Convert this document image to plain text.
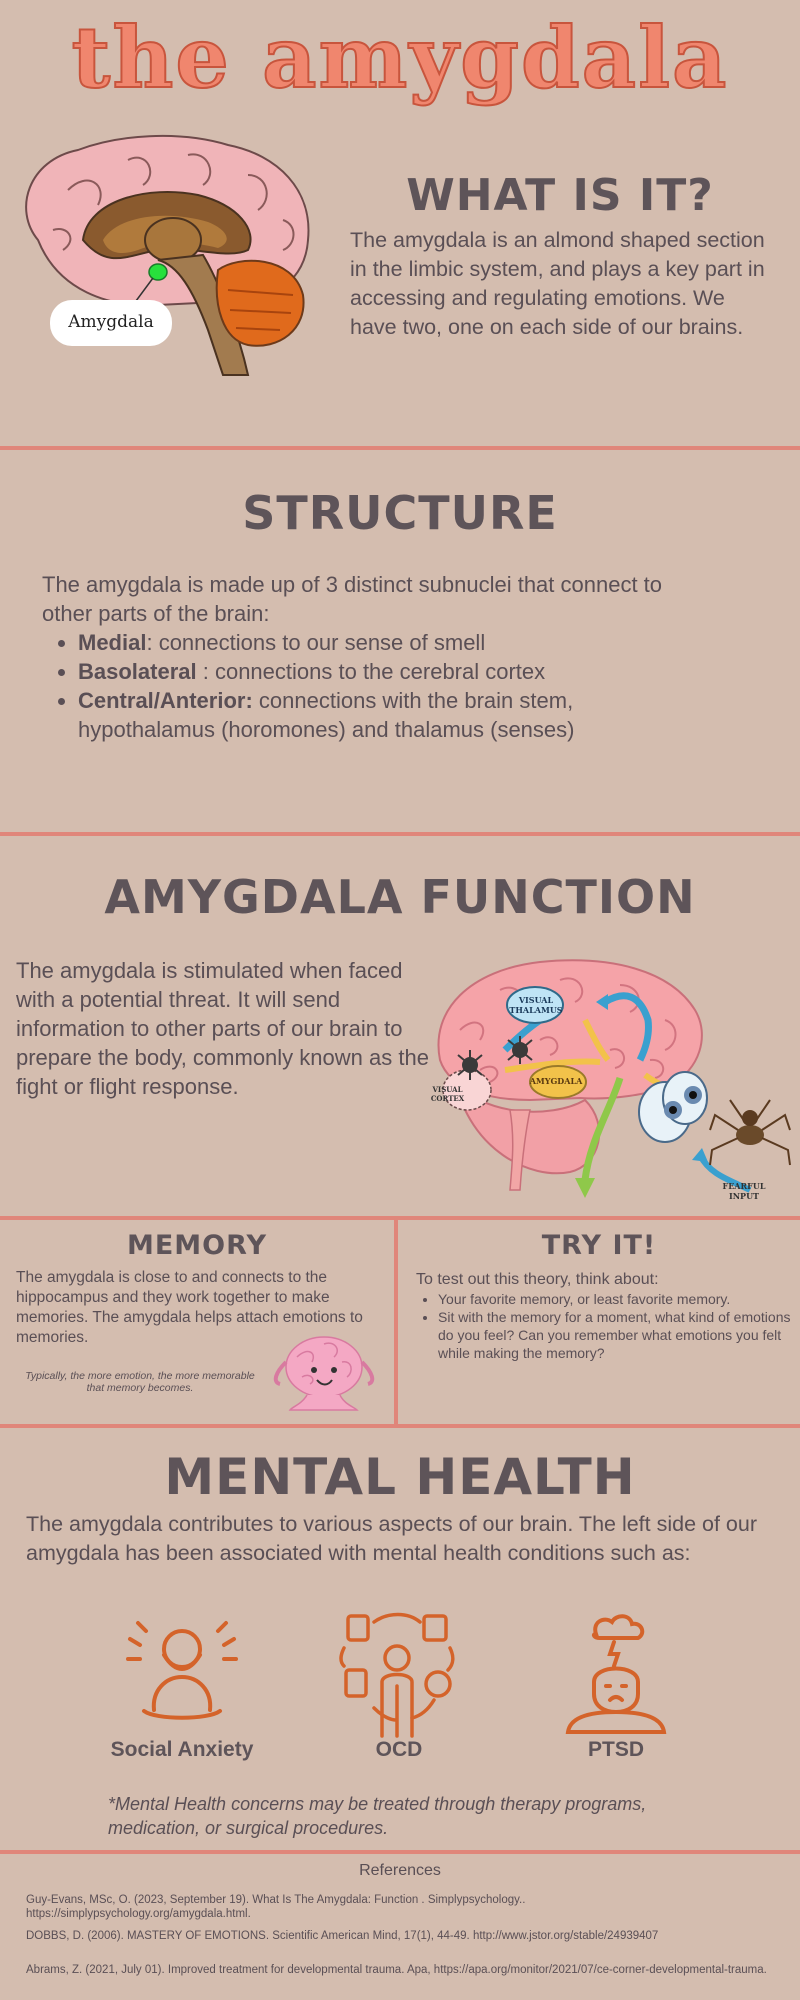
the amygdala
Amygdala
WHAT IS IT?
The amygdala is an almond shaped section in the limbic system, and plays a key part in accessing and regulating emotions. We have two, one on each side of our brains.
STRUCTURE
The amygdala is made up of 3 distinct subnuclei that connect to other parts of the brain:
• Medial: connections to our sense of smell
• Basolateral : connections to the cerebral cortex
• Central/Anterior: connections with the brain stem, hypothalamus (horomones) and thalamus (senses)
AMYGDALA FUNCTION
The amygdala is stimulated when faced with a potential threat. It will send information to other parts of our brain to prepare the body, commonly known as the fight or flight response.
VISUAL
THALAMUS
VISUAL
CORTEX
AMYGDALA
FEARFUL
INPUT
MEMORY
The amygdala is close to and connects to the hippocampus and they work together to make memories. The amygdala helps attach emotions to memories.
Typically, the more emotion, the more memorable that memory becomes.
TRY IT!
To test out this theory, think about:
• Your favorite memory, or least favorite memory.
• Sit with the memory for a moment, what kind of emotions do you feel? Can you remember what emotions you felt while making the memory?
MENTAL HEALTH
The amygdala contributes to various aspects of our brain. The left side of our amygdala has been associated with mental health conditions such as:
Social Anxiety	OCD	PTSD
*Mental Health concerns may be treated through therapy programs, medication, or surgical procedures.
References
Guy-Evans, MSc, O. (2023, September 19). What Is The Amygdala: Function . Simplypsychology.. https://simplypsychology.org/amygdala.html.
DOBBS, D. (2006). MASTERY OF EMOTIONS. Scientific American Mind, 17(1), 44-49. http://www.jstor.org/stable/24939407
Abrams, Z. (2021, July 01). Improved treatment for developmental trauma. Apa, https://apa.org/monitor/2021/07/ce-corner-developmental-trauma.
